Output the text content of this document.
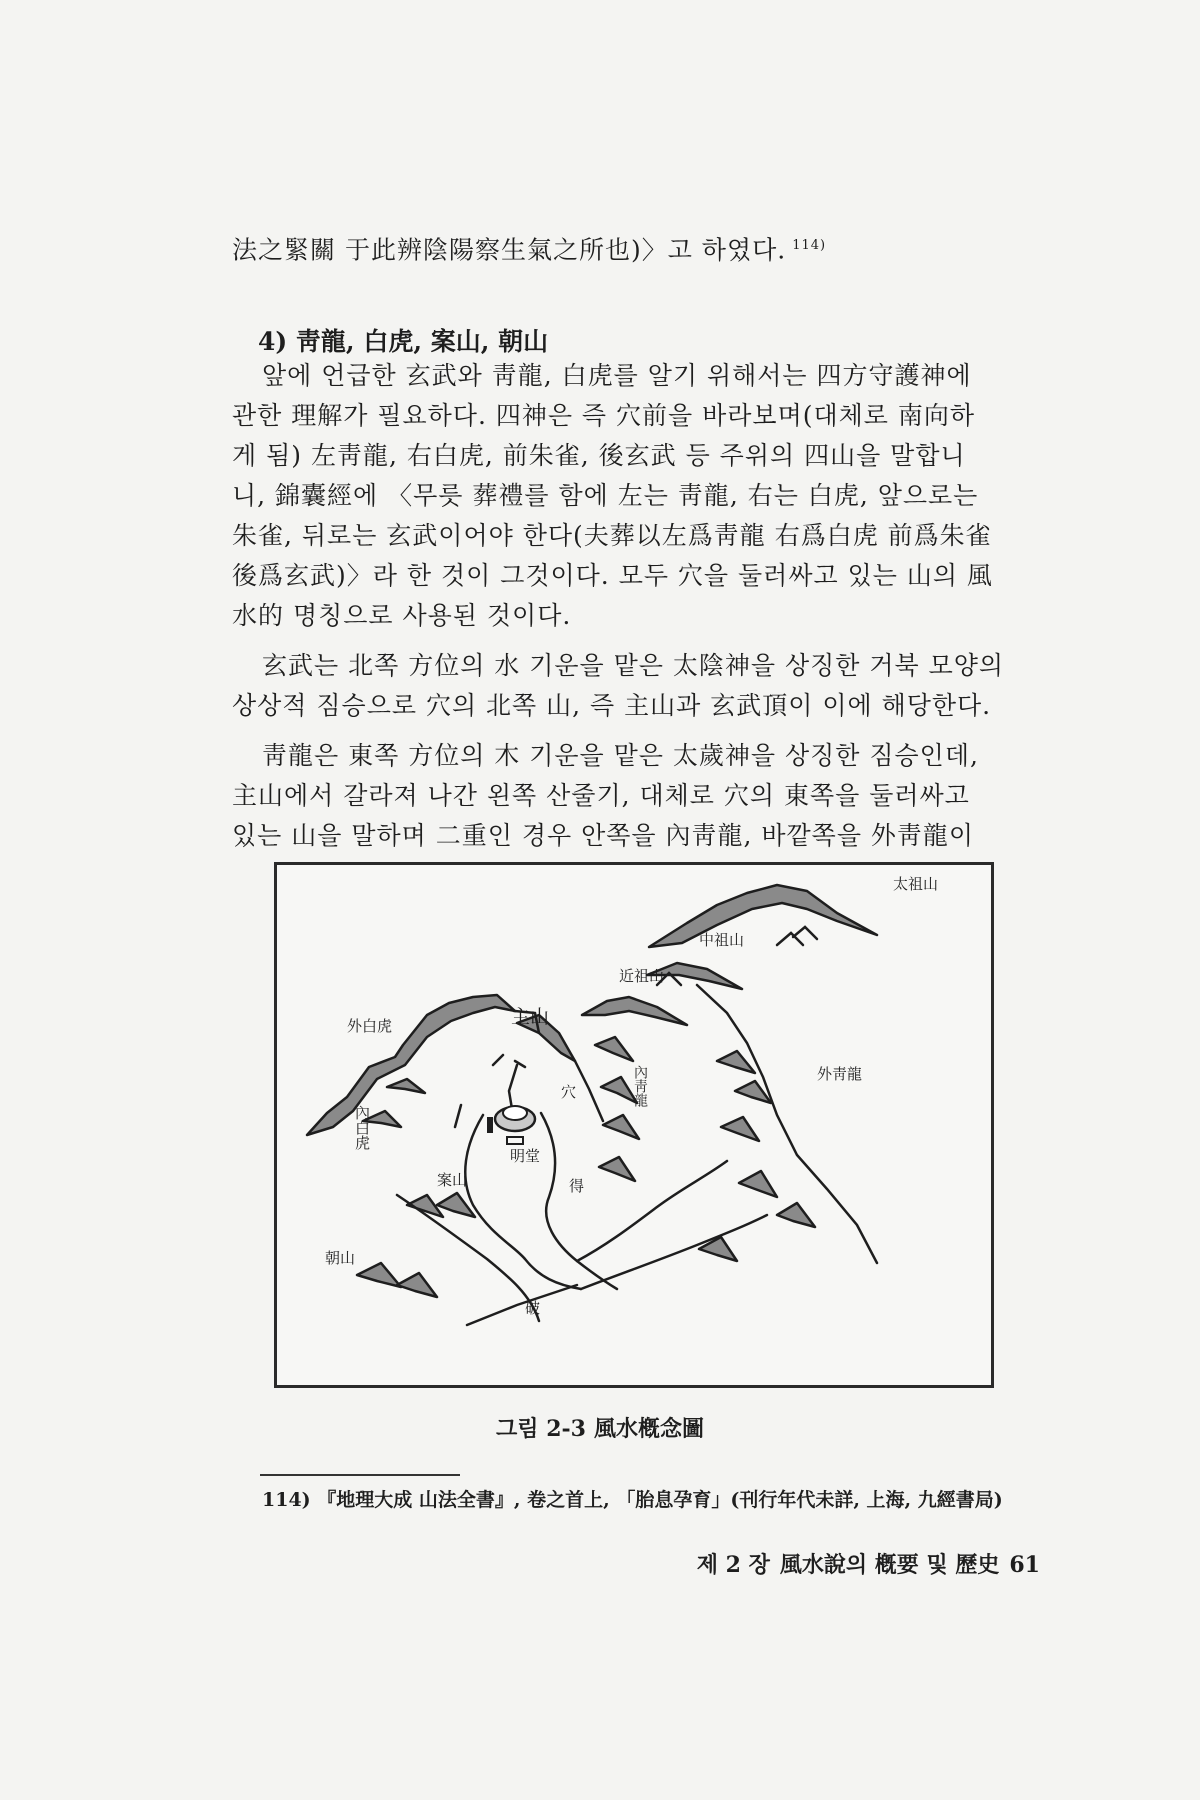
法之緊關 于此辨陰陽察生氣之所也)〉고 하였다. $^{114)}$
4) 靑龍, 白虎, 案山, 朝山
앞에 언급한 玄武와 靑龍, 白虎를 알기 위해서는 四方守護神에
관한 理解가 필요하다. 四神은 즉 穴前을 바라보며(대체로 南向하
게 됨) 左靑龍, 右白虎, 前朱雀, 後玄武 등 주위의 四山을 말합니
니, 錦囊經에 〈무릇 葬禮를 함에 左는 靑龍, 右는 白虎, 앞으로는
朱雀, 뒤로는 玄武이어야 한다(夫葬以左爲靑龍 右爲白虎 前爲朱雀
後爲玄武)〉라 한 것이 그것이다. 모두 穴을 둘러싸고 있는 山의 風
水的 명칭으로 사용된 것이다.
玄武는 北쪽 方位의 水 기운을 맡은 太陰神을 상징한 거북 모양의
상상적 짐승으로 穴의 北쪽 山, 즉 主山과 玄武頂이 이에 해당한다.
靑龍은 東쪽 方位의 木 기운을 맡은 太歲神을 상징한 짐승인데,
主山에서 갈라져 나간 왼쪽 산줄기, 대체로 穴의 東쪽을 둘러싸고
있는 山을 말하며 二重인 경우 안쪽을 內靑龍, 바깥쪽을 外靑龍이
太祖山
中祖山
近祖山
主山
外白虎
外靑龍
穴
明堂
案山	得
朝山
破
內靑龍
內白虎
그림 2-3 風水槪念圖
114) 『地理大成 山法全書』, 卷之首上, 「胎息孕育」(刊行年代未詳, 上海, 九經書局)
제 2 장 風水說의 槪要 및 歷史 61
